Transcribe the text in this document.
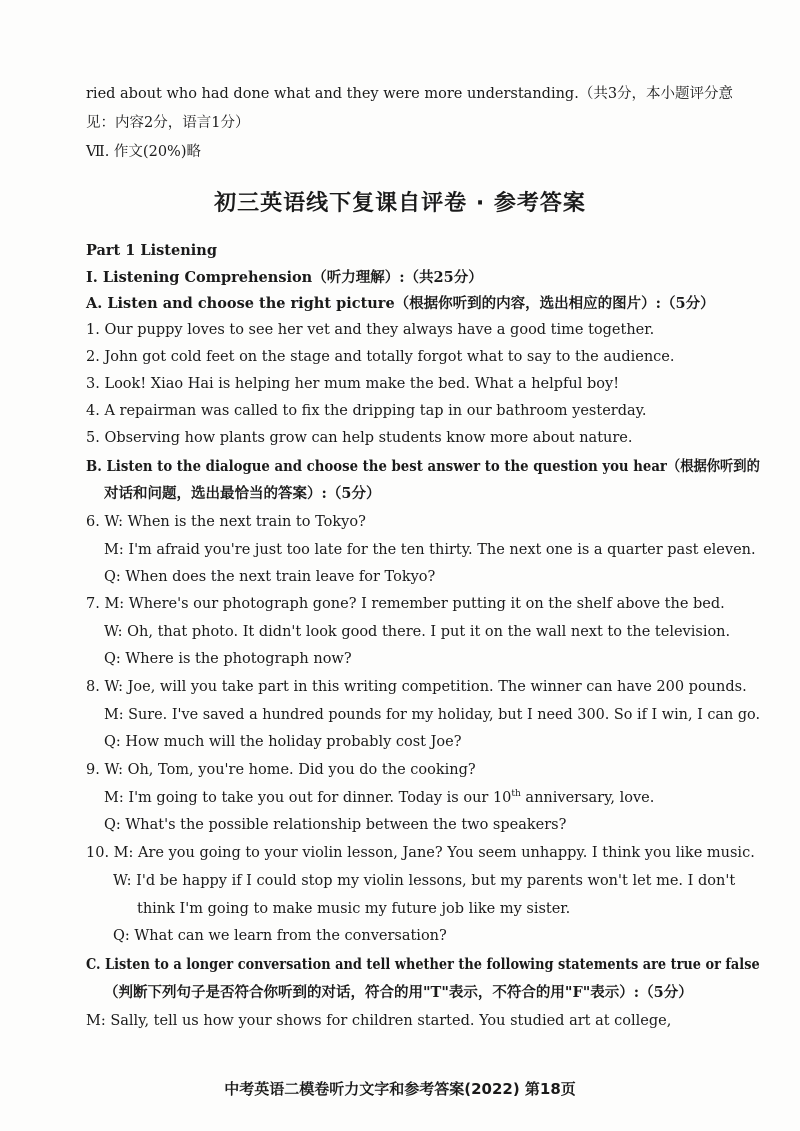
ried about who had done what and they were more understanding.（共3分，本小题评分意
见：内容2分，语言1分）
Ⅶ. 作文(20%)略
初三英语线下复课自评卷 · 参考答案
Part 1 Listening
I. Listening Comprehension（听力理解）:（共25分）
A. Listen and choose the right picture（根据你听到的内容，选出相应的图片）:（5分）
1. Our puppy loves to see her vet and they always have a good time together.
2. John got cold feet on the stage and totally forgot what to say to the audience.
3. Look! Xiao Hai is helping her mum make the bed. What a helpful boy!
4. A repairman was called to fix the dripping tap in our bathroom yesterday.
5. Observing how plants grow can help students know more about nature.
B. Listen to the dialogue and choose the best answer to the question you hear（根据你听到的
对话和问题，选出最恰当的答案）:（5分）
6. W: When is the next train to Tokyo?
M: I'm afraid you're just too late for the ten thirty. The next one is a quarter past eleven.
Q: When does the next train leave for Tokyo?
7. M: Where's our photograph gone? I remember putting it on the shelf above the bed.
W: Oh, that photo. It didn't look good there. I put it on the wall next to the television.
Q: Where is the photograph now?
8. W: Joe, will you take part in this writing competition. The winner can have 200 pounds.
M: Sure. I've saved a hundred pounds for my holiday, but I need 300. So if I win, I can go.
Q: How much will the holiday probably cost Joe?
9. W: Oh, Tom, you're home. Did you do the cooking?
M: I'm going to take you out for dinner. Today is our 10th anniversary, love.
Q: What's the possible relationship between the two speakers?
10. M: Are you going to your violin lesson, Jane? You seem unhappy. I think you like music.
W: I'd be happy if I could stop my violin lessons, but my parents won't let me. I don't
think I'm going to make music my future job like my sister.
Q: What can we learn from the conversation?
C. Listen to a longer conversation and tell whether the following statements are true or false
（判断下列句子是否符合你听到的对话，符合的用"T"表示，不符合的用"F"表示）:（5分）
M: Sally, tell us how your shows for children started. You studied art at college,
中考英语二模卷听力文字和参考答案(2022) 第18页
